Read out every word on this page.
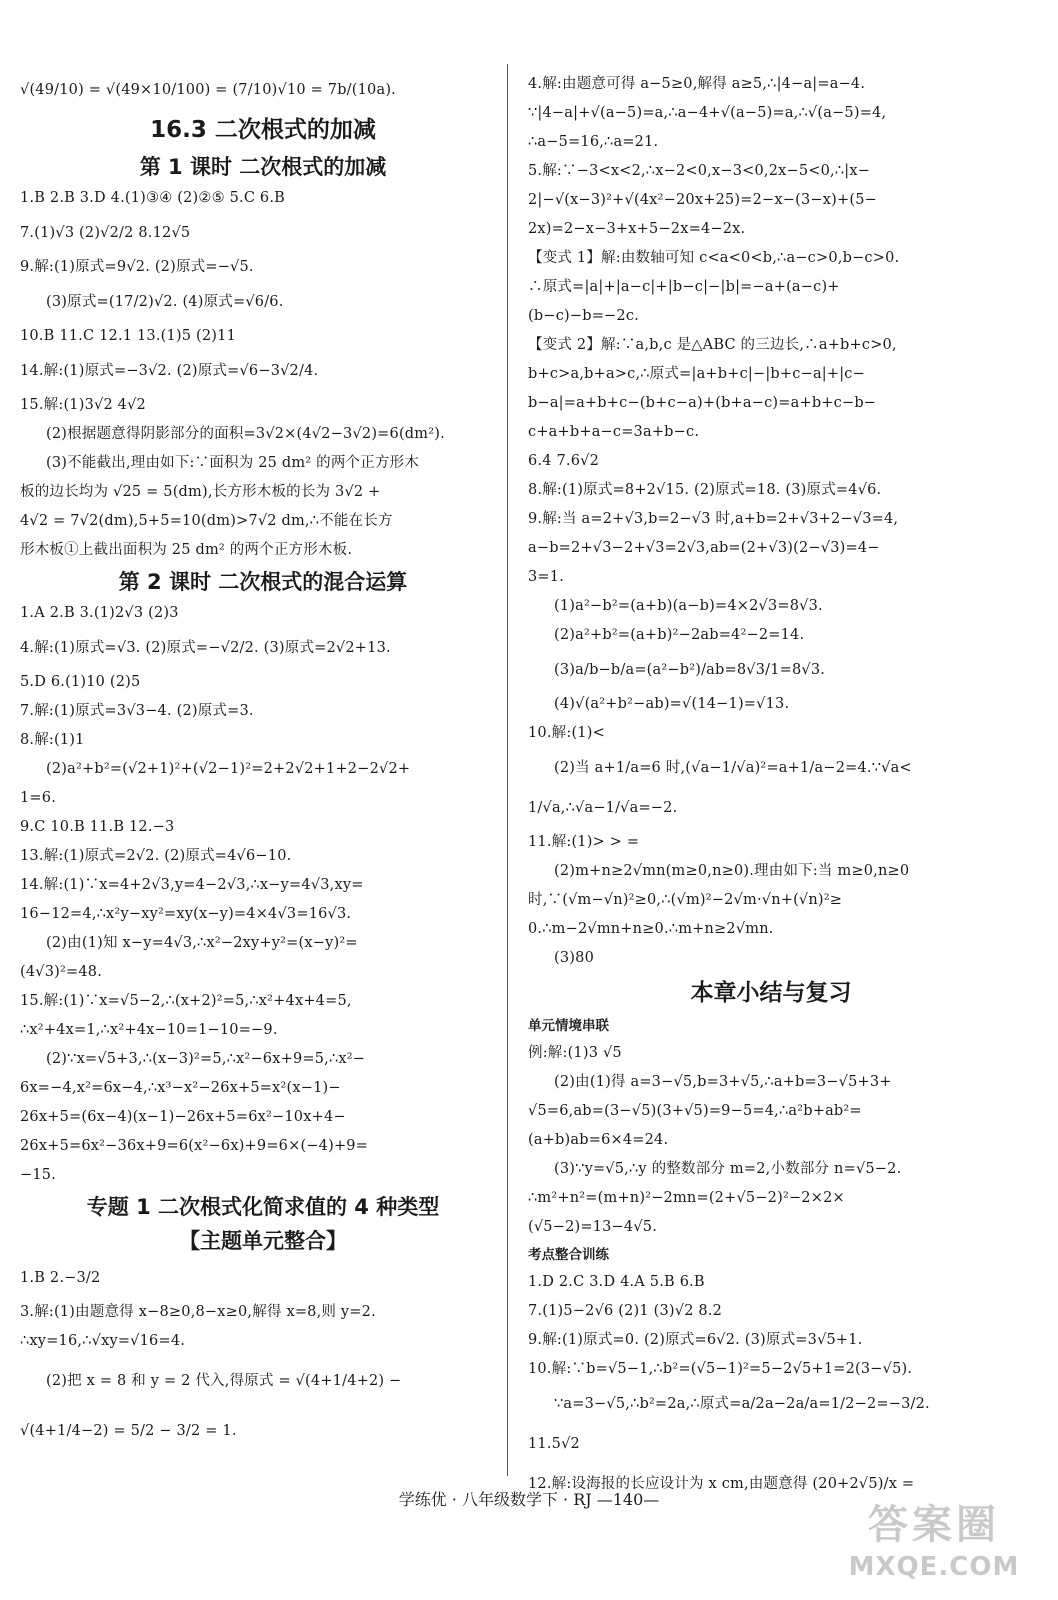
√(49/10) = √(49×10/100) = (7/10)√10 = 7b/(10a).
16.3 二次根式的加减
第 1 课时 二次根式的加减
1.B 2.B 3.D 4.(1)③④ (2)②⑤ 5.C 6.B
7.(1)√3 (2)√2/2 8.12√5
9.解:(1)原式=9√2. (2)原式=−√5.
(3)原式=(17/2)√2. (4)原式=√6/6.
10.B 11.C 12.1 13.(1)5 (2)11
14.解:(1)原式=−3√2. (2)原式=√6−3√2/4.
15.解:(1)3√2 4√2
(2)根据题意得阴影部分的面积=3√2×(4√2−3√2)=6(dm²).
(3)不能截出,理由如下:∵面积为 25 dm² 的两个正方形木
板的边长均为 √25 = 5(dm),长方形木板的长为 3√2 +
4√2 = 7√2(dm),5+5=10(dm)>7√2 dm,∴不能在长方
形木板①上截出面积为 25 dm² 的两个正方形木板.
第 2 课时 二次根式的混合运算
1.A 2.B 3.(1)2√3 (2)3
4.解:(1)原式=√3. (2)原式=−√2/2. (3)原式=2√2+13.
5.D 6.(1)10 (2)5
7.解:(1)原式=3√3−4. (2)原式=3.
8.解:(1)1
(2)a²+b²=(√2+1)²+(√2−1)²=2+2√2+1+2−2√2+
1=6.
9.C 10.B 11.B 12.−3
13.解:(1)原式=2√2. (2)原式=4√6−10.
14.解:(1)∵x=4+2√3,y=4−2√3,∴x−y=4√3,xy=
16−12=4,∴x²y−xy²=xy(x−y)=4×4√3=16√3.
(2)由(1)知 x−y=4√3,∴x²−2xy+y²=(x−y)²=
(4√3)²=48.
15.解:(1)∵x=√5−2,∴(x+2)²=5,∴x²+4x+4=5,
∴x²+4x=1,∴x²+4x−10=1−10=−9.
(2)∵x=√5+3,∴(x−3)²=5,∴x²−6x+9=5,∴x²−
6x=−4,x²=6x−4,∴x³−x²−26x+5=x²(x−1)−
26x+5=(6x−4)(x−1)−26x+5=6x²−10x+4−
26x+5=6x²−36x+9=6(x²−6x)+9=6×(−4)+9=
−15.
专题 1 二次根式化简求值的 4 种类型
【主题单元整合】
1.B 2.−3/2
3.解:(1)由题意得 x−8≥0,8−x≥0,解得 x=8,则 y=2.
∴xy=16,∴√xy=√16=4.
(2)把 x = 8 和 y = 2 代入,得原式 = √(4+1/4+2) −
√(4+1/4−2) = 5/2 − 3/2 = 1.
4.解:由题意可得 a−5≥0,解得 a≥5,∴|4−a|=a−4.
∵|4−a|+√(a−5)=a,∴a−4+√(a−5)=a,∴√(a−5)=4,
∴a−5=16,∴a=21.
5.解:∵−3<x<2,∴x−2<0,x−3<0,2x−5<0,∴|x−
2|−√(x−3)²+√(4x²−20x+25)=2−x−(3−x)+(5−
2x)=2−x−3+x+5−2x=4−2x.
【变式 1】解:由数轴可知 c<a<0<b,∴a−c>0,b−c>0.
∴原式=|a|+|a−c|+|b−c|−|b|=−a+(a−c)+
(b−c)−b=−2c.
【变式 2】解:∵a,b,c 是△ABC 的三边长,∴a+b+c>0,
b+c>a,b+a>c,∴原式=|a+b+c|−|b+c−a|+|c−
b−a|=a+b+c−(b+c−a)+(b+a−c)=a+b+c−b−
c+a+b+a−c=3a+b−c.
6.4 7.6√2
8.解:(1)原式=8+2√15. (2)原式=18. (3)原式=4√6.
9.解:当 a=2+√3,b=2−√3 时,a+b=2+√3+2−√3=4,
a−b=2+√3−2+√3=2√3,ab=(2+√3)(2−√3)=4−
3=1.
(1)a²−b²=(a+b)(a−b)=4×2√3=8√3.
(2)a²+b²=(a+b)²−2ab=4²−2=14.
(3)a/b−b/a=(a²−b²)/ab=8√3/1=8√3.
(4)√(a²+b²−ab)=√(14−1)=√13.
10.解:(1)<
(2)当 a+1/a=6 时,(√a−1/√a)²=a+1/a−2=4.∵√a<
1/√a,∴√a−1/√a=−2.
11.解:(1)> > =
(2)m+n≥2√mn(m≥0,n≥0).理由如下:当 m≥0,n≥0
时,∵(√m−√n)²≥0,∴(√m)²−2√m·√n+(√n)²≥
0.∴m−2√mn+n≥0.∴m+n≥2√mn.
(3)80
本章小结与复习
单元情境串联
例:解:(1)3 √5
(2)由(1)得 a=3−√5,b=3+√5,∴a+b=3−√5+3+
√5=6,ab=(3−√5)(3+√5)=9−5=4,∴a²b+ab²=
(a+b)ab=6×4=24.
(3)∵y=√5,∴y 的整数部分 m=2,小数部分 n=√5−2.
∴m²+n²=(m+n)²−2mn=(2+√5−2)²−2×2×
(√5−2)=13−4√5.
考点整合训练
1.D 2.C 3.D 4.A 5.B 6.B
7.(1)5−2√6 (2)1 (3)√2 8.2
9.解:(1)原式=0. (2)原式=6√2. (3)原式=3√5+1.
10.解:∵b=√5−1,∴b²=(√5−1)²=5−2√5+1=2(3−√5).
∵a=3−√5,∴b²=2a,∴原式=a/2a−2a/a=1/2−2=−3/2.
11.5√2
12.解:设海报的长应设计为 x cm,由题意得 (20+2√5)/x =
学练优 · 八年级数学下 · RJ —140—
答案圈
MXQE.COM
